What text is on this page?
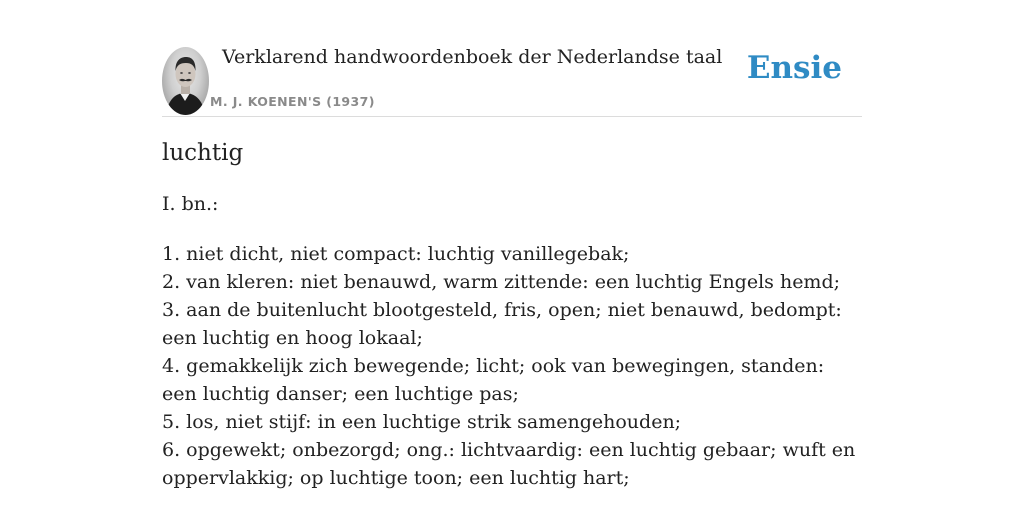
Verklarend handwoordenboek der Nederlandse taal
M. J. KOENEN'S (1937)
Ensie
luchtig
I. bn.:
1. niet dicht, niet compact: luchtig vanillegebak;
2. van kleren: niet benauwd, warm zittende: een luchtig Engels hemd;
3. aan de buitenlucht blootgesteld, fris, open; niet benauwd, bedompt: een luchtig en hoog lokaal;
4. gemakkelijk zich bewegende; licht; ook van bewegingen, standen: een luchtig danser; een luchtige pas;
5. los, niet stijf: in een luchtige strik samengehouden;
6. opgewekt; onbezorgd; ong.: lichtvaardig: een luchtig gebaar; wuft en oppervlakkig; op luchtige toon; een luchtig hart;
